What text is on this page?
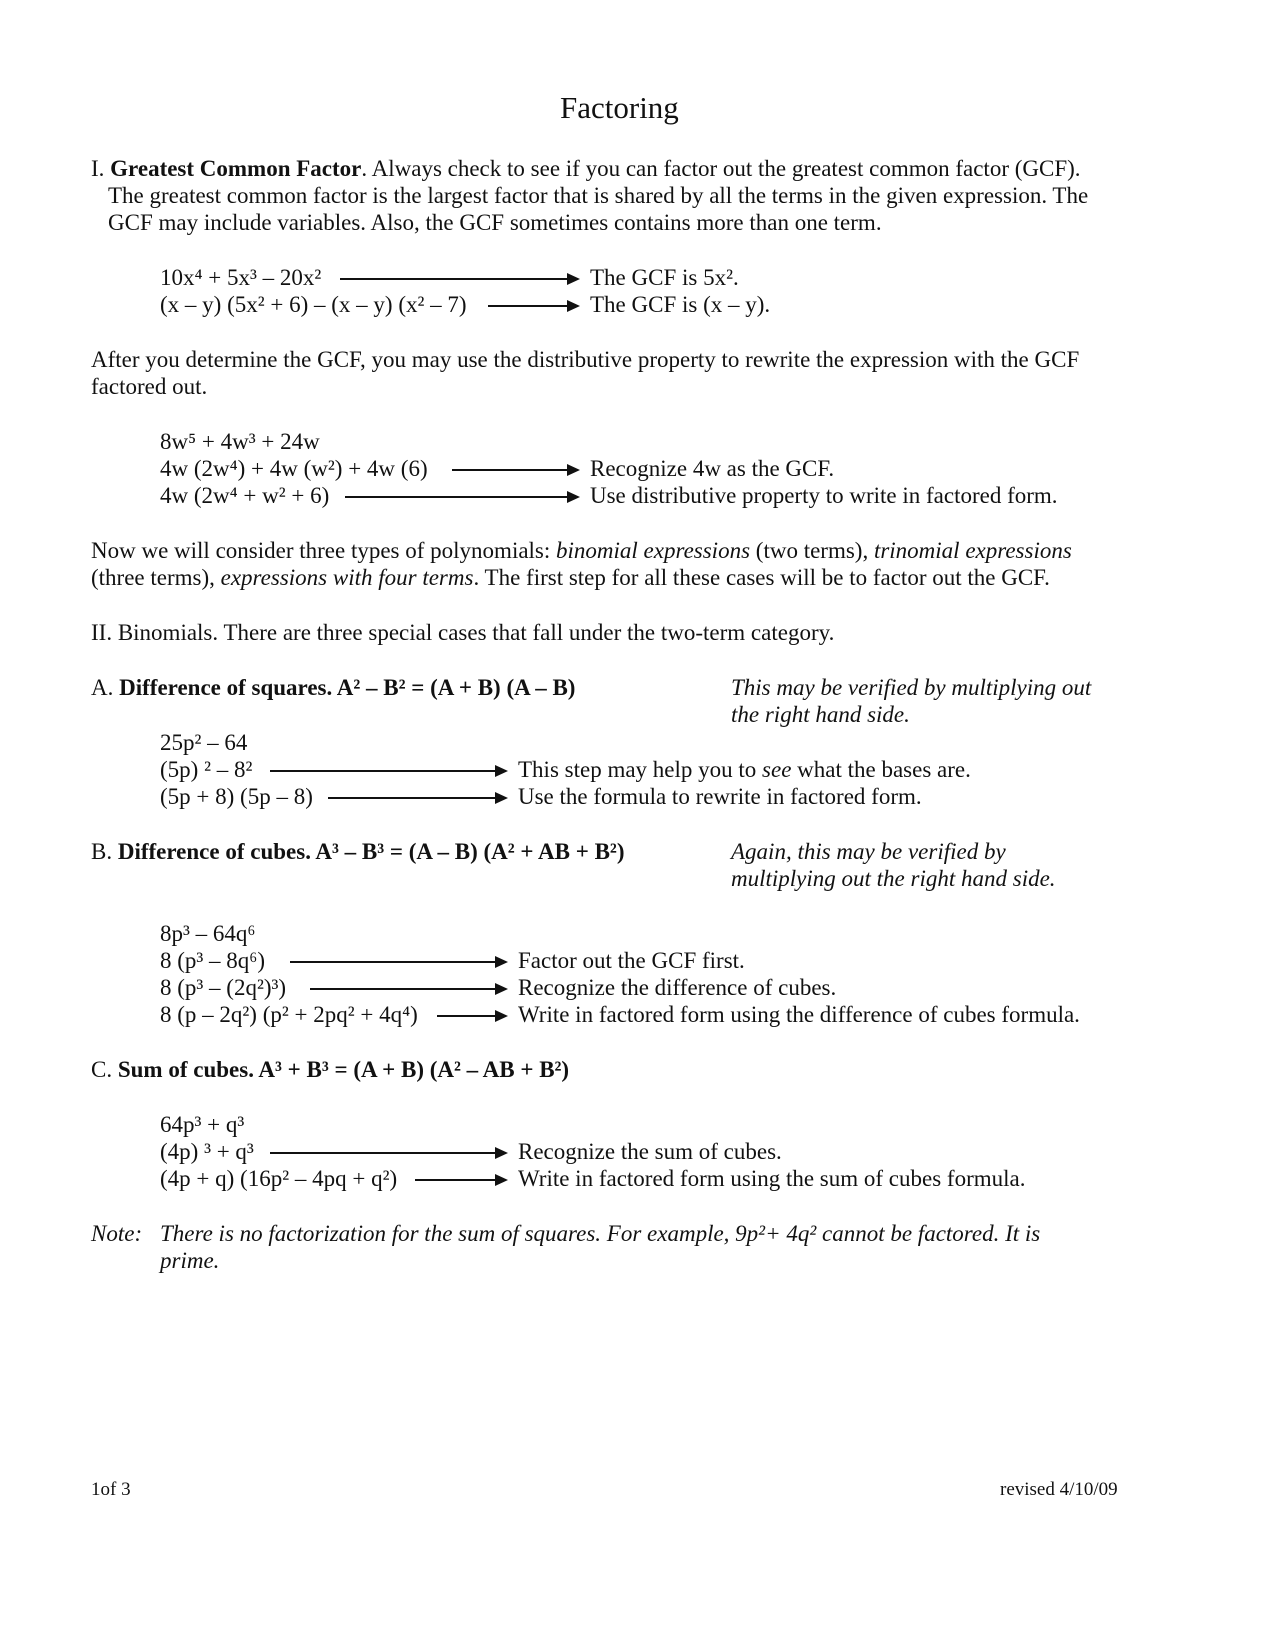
Factoring
I. Greatest Common Factor. Always check to see if you can factor out the greatest common factor (GCF).
The greatest common factor is the largest factor that is shared by all the terms in the given expression. The
GCF may include variables. Also, the GCF sometimes contains more than one term.
10x⁴ + 5x³ – 20x²	The GCF is 5x².
(x – y) (5x² + 6) – (x – y) (x² – 7)	The GCF is (x – y).
After you determine the GCF, you may use the distributive property to rewrite the expression with the GCF
factored out.
8w⁵ + 4w³ + 24w
4w (2w⁴) + 4w (w²) + 4w (6)	Recognize 4w as the GCF.
4w (2w⁴ + w² + 6)	Use distributive property to write in factored form.
Now we will consider three types of polynomials: binomial expressions (two terms), trinomial expressions
(three terms), expressions with four terms. The first step for all these cases will be to factor out the GCF.
II. Binomials. There are three special cases that fall under the two-term category.
A. Difference of squares. A² – B² = (A + B) (A – B)	This may be verified by multiplying out
the right hand side.
25p² – 64
(5p) ² – 8²	This step may help you to see what the bases are.
(5p + 8) (5p – 8)	Use the formula to rewrite in factored form.
B. Difference of cubes. A³ – B³ = (A – B) (A² + AB + B²)	Again, this may be verified by
multiplying out the right hand side.
8p³ – 64q⁶
8 (p³ – 8q⁶)	Factor out the GCF first.
8 (p³ – (2q²)³)	Recognize the difference of cubes.
8 (p – 2q²) (p² + 2pq² + 4q⁴)	Write in factored form using the difference of cubes formula.
C. Sum of cubes. A³ + B³ = (A + B) (A² – AB + B²)
64p³ + q³
(4p) ³ + q³	Recognize the sum of cubes.
(4p + q) (16p² – 4pq + q²)	Write in factored form using the sum of cubes formula.
Note: There is no factorization for the sum of squares. For example, 9p²+ 4q² cannot be factored. It is
prime.
1of 3	revised 4/10/09
